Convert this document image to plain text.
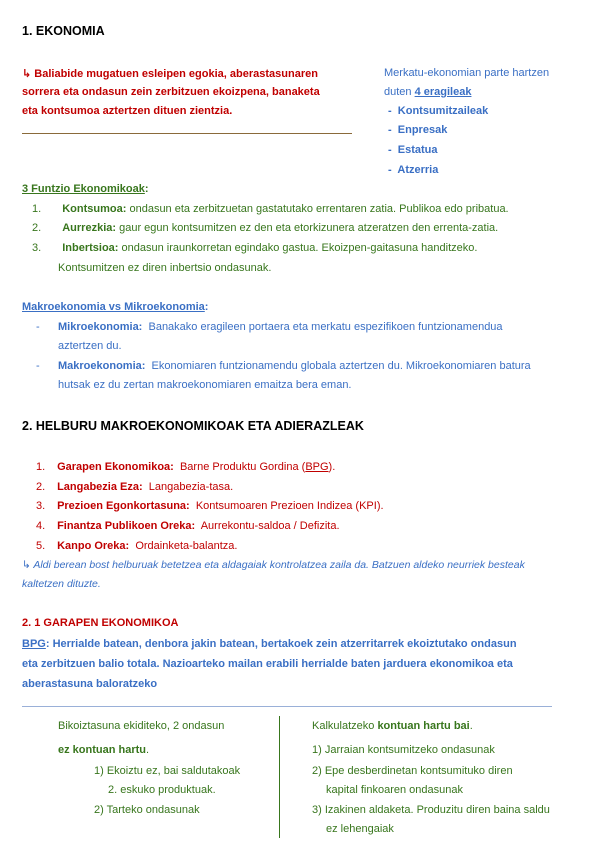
1. EKONOMIA
↳ Baliabide mugatuen esleipen egokia, aberastasunaren
sorrera eta ondasun zein zerbitzuen ekoizpena, banaketa
eta kontsumoa aztertzen dituen zientzia.
Merkatu-ekonomian parte hartzen
duten 4 eragileak
-  Kontsumitzaileak
-  Enpresak
-  Estatua
-  Atzerria
3 Funtzio Ekonomikoak:
1. Kontsumoa: ondasun eta zerbitzuetan gastatutako errentaren zatia. Publikoa edo pribatua.
2. Aurrezkia: gaur egun kontsumitzen ez den eta etorkizunera atzeratzen den errenta-zatia.
3. Inbertsioa: ondasun iraunkorretan egindako gastua. Ekoizpen-gaitasuna handitzeko.
Kontsumitzen ez diren inbertsio ondasunak.
Makroekonomia vs Mikroekonomia:
-      Mikroekonomia: Banakako eragileen portaera eta merkatu espezifikoen funtzionamendua
aztertzen du.
-      Makroekonomia: Ekonomiaren funtzionamendu globala aztertzen du. Mikroekonomiaren batura
hutsak ez du zertan makroekonomiaren emaitza bera eman.
2. HELBURU MAKROEKONOMIKOAK ETA ADIERAZLEAK
1. Garapen Ekonomikoa: Barne Produktu Gordina (BPG).
2. Langabezia Eza: Langabezia-tasa.
3. Prezioen Egonkortasuna: Kontsumoaren Prezioen Indizea (KPI).
4. Finantza Publikoen Oreka: Aurrekontu-saldoa / Defizita.
5. Kanpo Oreka: Ordainketa-balantza.
↳ Aldi berean bost helburuak betetzea eta aldagaiak kontrolatzea zaila da. Batzuen aldeko neurriek besteak
kaltetzen dituzte.
2. 1 GARAPEN EKONOMIKOA
BPG: Herrialde batean, denbora jakin batean, bertakoek zein atzerritarrek ekoiztutako ondasun
eta zerbitzuen balio totala. Nazioarteko mailan erabili herrialde baten jarduera ekonomikoa eta
aberastasuna baloratzeko
Bikoiztasuna ekiditeko, 2 ondasun
ez kontuan hartu.
1) Ekoiztu ez, bai saldutakoak
2. eskuko produktuak.
2) Tarteko ondasunak
Kalkulatzeko kontuan hartu bai.
1) Jarraian kontsumitzeko ondasunak
2) Epe desberdinetan kontsumituko diren
kapital finkoaren ondasunak
3) Izakinen aldaketa. Produzitu diren baina saldu
ez lehengaiak
